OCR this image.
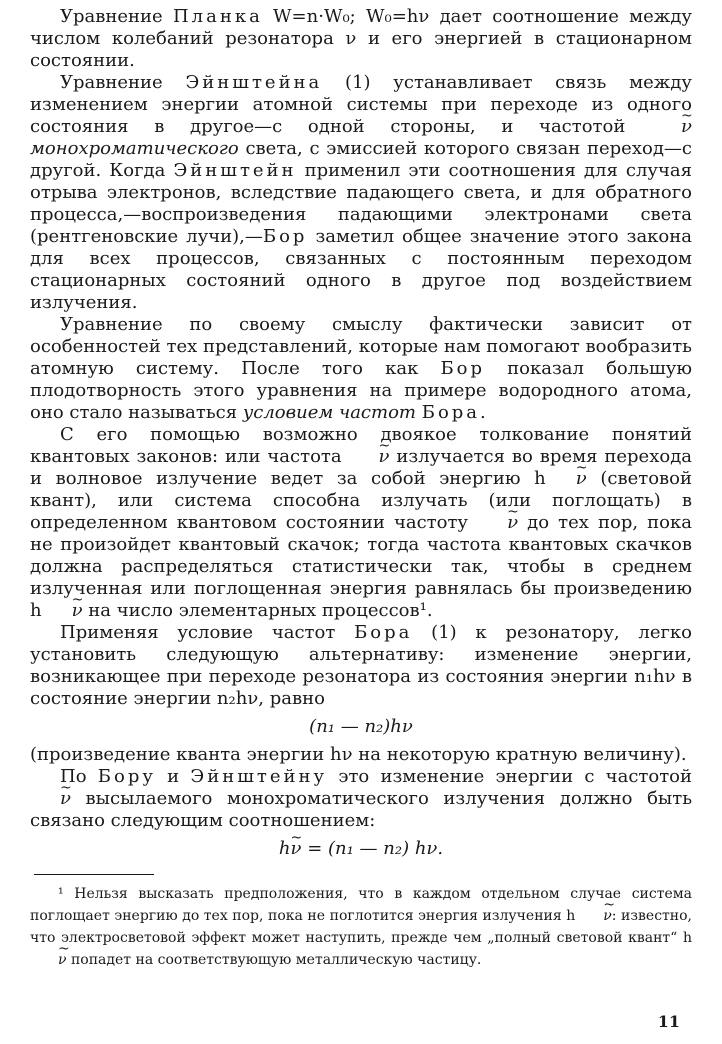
Уравнение Планка W=n·W₀; W₀=hν дает соотношение между числом колебаний резонатора ν и его энергией в стационарном состоянии.

Уравнение Эйнштейна (1) устанавливает связь между изменением энергии атомной системы при переходе из одного состояния в другое—с одной стороны, и частотой ~ ν монохроматического света, с эмиссией которого связан переход—с другой. Когда Эйнштейн применил эти соотношения для случая отрыва электронов, вследствие падающего света, и для обратного процесса,—воспроизведения падающими электронами света (рентгеновские лучи),—Бор заметил общее значение этого закона для всех процессов, связанных с постоянным переходом стационарных состояний одного в другое под воздействием излучения.

Уравнение по своему смыслу фактически зависит от особенностей тех представлений, которые нам помогают вообразить атомную систему. После того как Бор показал большую плодотворность этого уравнения на примере водородного атома, оно стало называться условием частот Бора.

С его помощью возможно двоякое толкование понятий квантовых законов: или частота ~ ν излучается во время перехода и волновое излучение ведет за собой энергию h ~ ν (световой квант), или система способна излучать (или поглощать) в определенном квантовом состоянии частоту ~ ν до тех пор, пока не произойдет квантовый скачок; тогда частота квантовых скачков должна распределяться статистически так, чтобы в среднем излученная или поглощенная энергия равнялась бы произведению h ~ ν на число элементарных процессов¹.

Применяя условие частот Бора (1) к резонатору, легко установить следующую альтернативу: изменение энергии, возникающее при переходе резонатора из состояния энергии n₁hν в состояние энергии n₂hν, равно

(n₁ — n₂)hν

(произведение кванта энергии hν на некоторую кратную величину).

По Бору и Эйнштейну это изменение энергии с частотой ~ ν высылаемого монохроматического излучения должно быть связано следующим соотношением:

h~ ν = (n₁ — n₂) hν.

¹ Нельзя высказать предположения, что в каждом отдельном случае система поглощает энергию до тех пор, пока не поглотится энергия излучения h ~ ν: известно, что электросветовой эффект может наступить, прежде чем „полный световой квант“ h~ ν попадет на соответствующую металлическую частицу.

11
